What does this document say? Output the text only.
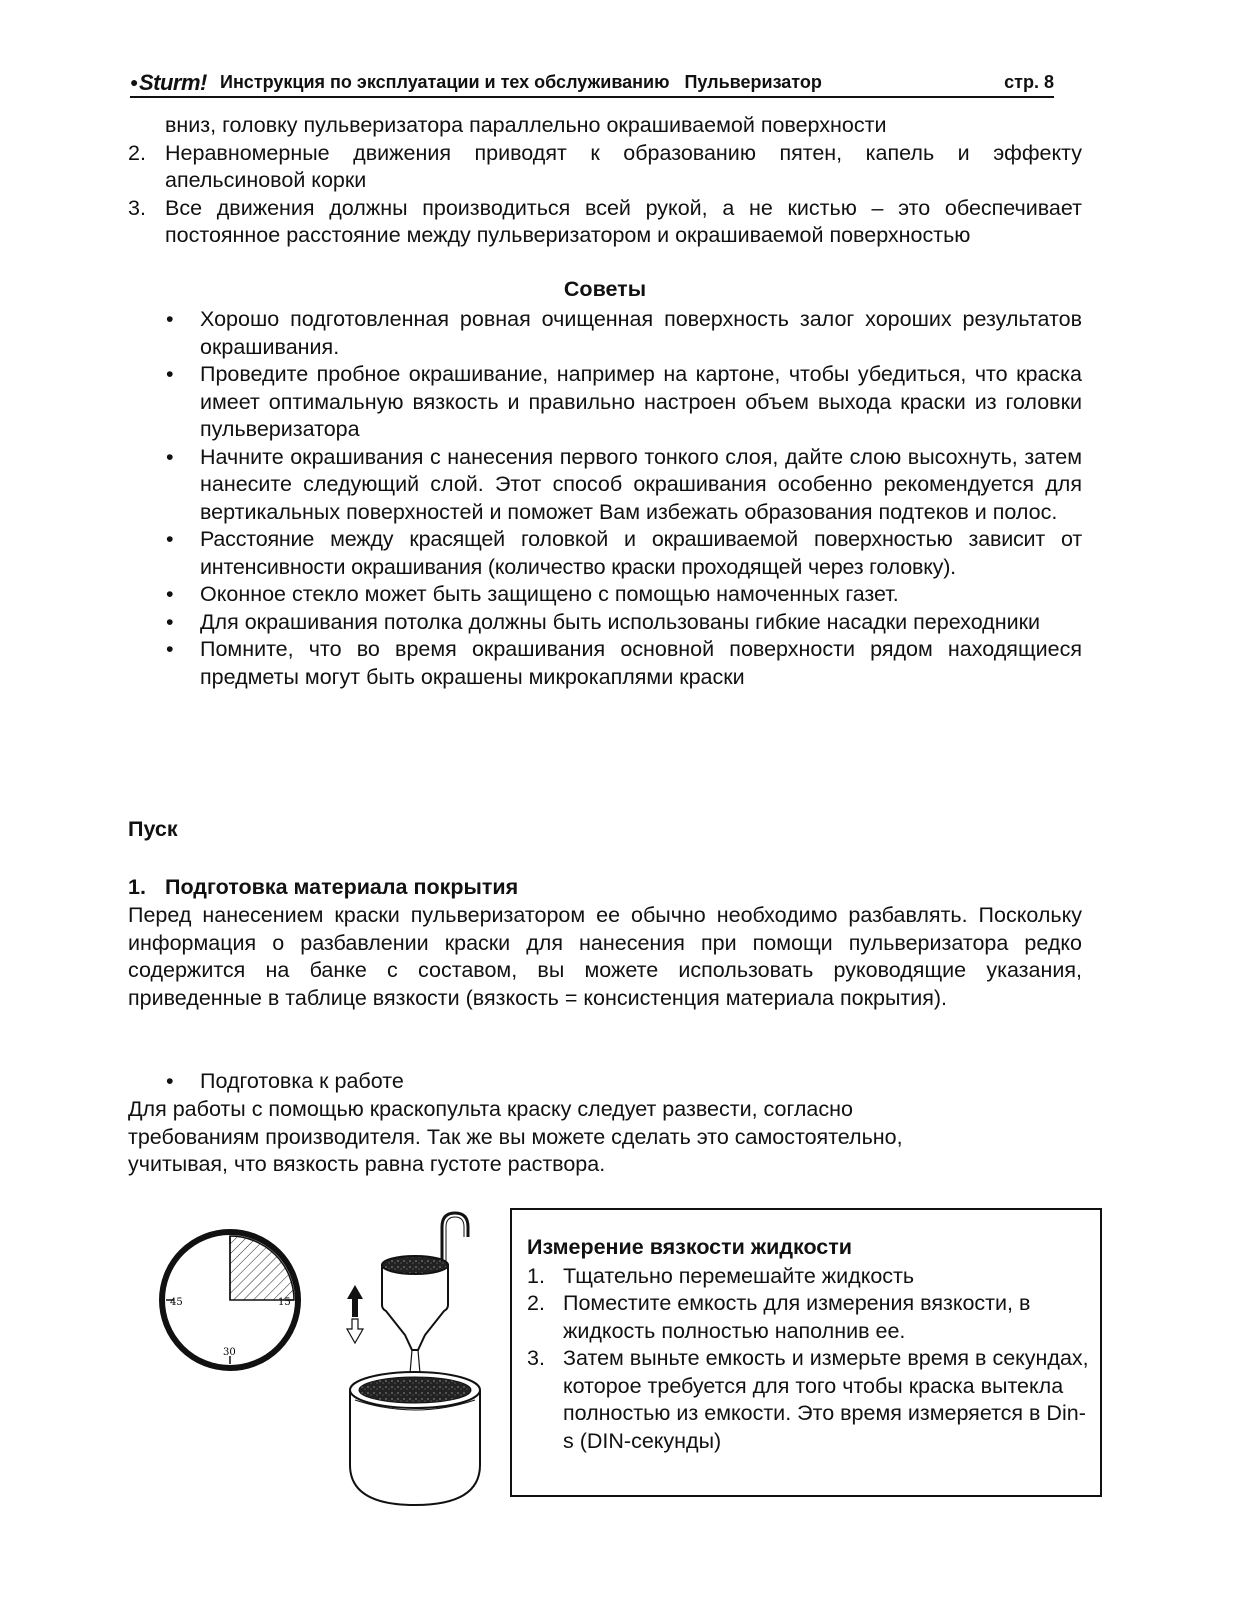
●Sturm! Инструкция по эксплуатации и тех обслуживанию   Пульверизатор	стр. 8
вниз, головку пульверизатора параллельно окрашиваемой поверхности
2. Неравномерные движения приводят к образованию пятен, капель и эффекту апельсиновой корки
3. Все движения должны производиться всей рукой, а не кистью – это обеспечивает постоянное расстояние между пульверизатором и окрашиваемой поверхностью
Советы
• Хорошо подготовленная ровная очищенная поверхность залог хороших результатов окрашивания.
• Проведите пробное окрашивание, например на картоне, чтобы убедиться, что краска имеет оптимальную вязкость и правильно настроен объем выхода краски из головки пульверизатора
• Начните окрашивания с нанесения первого тонкого слоя, дайте слою высохнуть, затем нанесите следующий слой. Этот способ окрашивания особенно рекомендуется для вертикальных поверхностей и поможет Вам избежать образования подтеков и полос.
• Расстояние между красящей головкой и окрашиваемой поверхностью зависит от интенсивности окрашивания (количество краски проходящей через головку).
• Оконное стекло может быть защищено с помощью намоченных газет.
• Для окрашивания потолка должны быть использованы гибкие насадки переходники
• Помните, что во время окрашивания основной поверхности рядом находящиеся предметы могут быть окрашены микрокаплями краски
Пуск
1. Подготовка материала покрытия
Перед нанесением краски пульверизатором ее обычно необходимо разбавлять. Поскольку информация о разбавлении краски для нанесения при помощи пульверизатора редко содержится на банке с составом, вы можете использовать руководящие указания, приведенные в таблице вязкости (вязкость = консистенция материала покрытия).
• Подготовка к работе
Для работы с помощью краскопульта краску следует развести, согласно
требованиям производителя. Так же вы можете сделать это самостоятельно,
учитывая, что вязкость равна густоте раствора.
15
30
45
Измерение вязкости жидкости
1. Тщательно перемешайте жидкость
2. Поместите емкость для измерения вязкости, в жидкость полностью наполнив ее.
3. Затем выньте емкость и измерьте время в секундах, которое требуется для того чтобы краска вытекла полностью из емкости. Это время измеряется в Din-s (DIN-секунды)
